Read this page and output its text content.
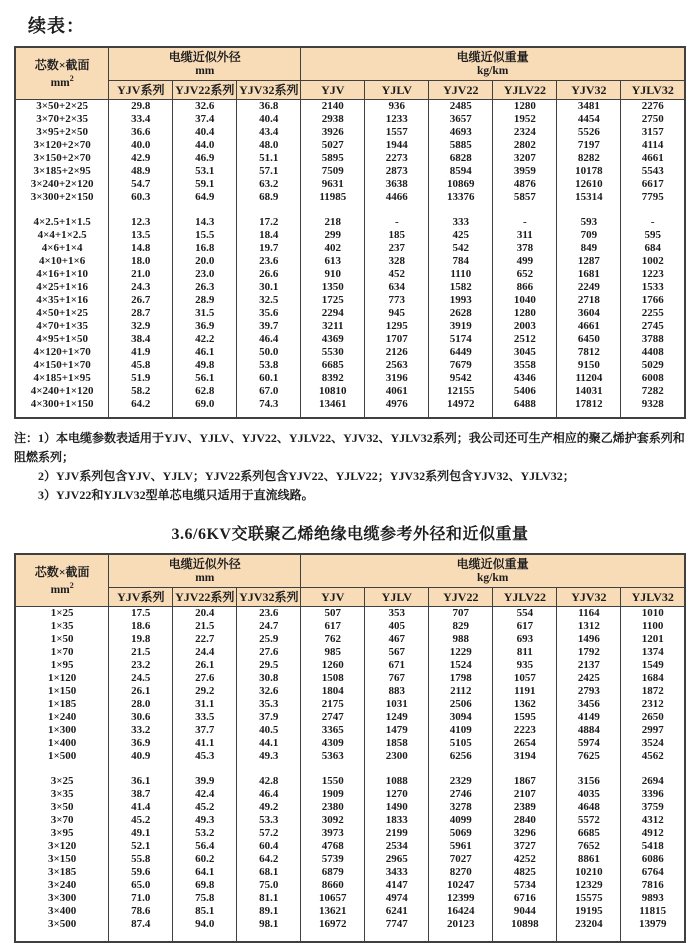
续表：
芯数×截面
$mm^2$

电缆近似外径
mm

电缆近似重量
kg/km

	YJV系列	YJV22系列	YJV32系列	YJV	YJLV	YJV22	YJLV22	YJV32	YJLV32
3×50+2×25	29.8	32.6	36.8	2140	936	2485	1280	3481	2276
3×70+2×35	33.4	37.4	40.4	2938	1233	3657	1952	4454	2750
3×95+2×50	36.6	40.4	43.4	3926	1557	4693	2324	5526	3157
3×120+2×70	40.0	44.0	48.0	5027	1944	5885	2802	7197	4114
3×150+2×70	42.9	46.9	51.1	5895	2273	6828	3207	8282	4661
3×185+2×95	48.9	53.1	57.1	7509	2873	8594	3959	10178	5543
3×240+2×120	54.7	59.1	63.2	9631	3638	10869	4876	12610	6617
3×300+2×150	60.3	64.9	68.9	11985	4466	13376	5857	15314	7795

4×2.5+1×1.5	12.3	14.3	17.2	218	-	333	-	593	-
4×4+1×2.5	13.5	15.5	18.4	299	185	425	311	709	595
4×6+1×4	14.8	16.8	19.7	402	237	542	378	849	684
4×10+1×6	18.0	20.0	23.6	613	328	784	499	1287	1002
4×16+1×10	21.0	23.0	26.6	910	452	1110	652	1681	1223
4×25+1×16	24.3	26.3	30.1	1350	634	1582	866	2249	1533
4×35+1×16	26.7	28.9	32.5	1725	773	1993	1040	2718	1766
4×50+1×25	28.7	31.5	35.6	2294	945	2628	1280	3604	2255
4×70+1×35	32.9	36.9	39.7	3211	1295	3919	2003	4661	2745
4×95+1×50	38.4	42.2	46.4	4369	1707	5174	2512	6450	3788
4×120+1×70	41.9	46.1	50.0	5530	2126	6449	3045	7812	4408
4×150+1×70	45.8	49.8	53.8	6685	2563	7679	3558	9150	5029
4×185+1×95	51.9	56.1	60.1	8392	3196	9542	4346	11204	6008
4×240+1×120	58.2	62.8	67.0	10810	4061	12155	5406	14031	7282
4×300+1×150	64.2	69.0	74.3	13461	4976	14972	6488	17812	9328

注：1）本电缆参数表适用于YJV、YJLV、YJV22、YJLV22、YJV32、YJLV32系列；我公司还可生产相应的聚乙烯护套系列和阻燃系列；
2）YJV系列包含YJV、YJLV；YJV22系列包含YJV22、YJLV22；YJV32系列包含YJV32、YJLV32；
3）YJV22和YJLV32型单芯电缆只适用于直流线路。
3.6/6KV交联聚乙烯绝缘电缆参考外径和近似重量
芯数×截面
$mm^2$

电缆近似外径
mm

电缆近似重量
kg/km

	YJV系列	YJV22系列	YJV32系列	YJV	YJLV	YJV22	YJLV22	YJV32	YJLV32
1×25	17.5	20.4	23.6	507	353	707	554	1164	1010
1×35	18.6	21.5	24.7	617	405	829	617	1312	1100
1×50	19.8	22.7	25.9	762	467	988	693	1496	1201
1×70	21.5	24.4	27.6	985	567	1229	811	1792	1374
1×95	23.2	26.1	29.5	1260	671	1524	935	2137	1549
1×120	24.5	27.6	30.8	1508	767	1798	1057	2425	1684
1×150	26.1	29.2	32.6	1804	883	2112	1191	2793	1872
1×185	28.0	31.1	35.3	2175	1031	2506	1362	3456	2312
1×240	30.6	33.5	37.9	2747	1249	3094	1595	4149	2650
1×300	33.2	37.7	40.5	3365	1479	4109	2223	4884	2997
1×400	36.9	41.1	44.1	4309	1858	5105	2654	5974	3524
1×500	40.9	45.3	49.3	5363	2300	6256	3194	7625	4562

3×25	36.1	39.9	42.8	1550	1088	2329	1867	3156	2694
3×35	38.7	42.4	46.4	1909	1270	2746	2107	4035	3396
3×50	41.4	45.2	49.2	2380	1490	3278	2389	4648	3759
3×70	45.2	49.3	53.3	3092	1833	4099	2840	5572	4312
3×95	49.1	53.2	57.2	3973	2199	5069	3296	6685	4912
3×120	52.1	56.4	60.4	4768	2534	5961	3727	7652	5418
3×150	55.8	60.2	64.2	5739	2965	7027	4252	8861	6086
3×185	59.6	64.1	68.1	6879	3433	8270	4825	10210	6764
3×240	65.0	69.8	75.0	8660	4147	10247	5734	12329	7816
3×300	71.0	75.8	81.1	10657	4974	12399	6716	15575	9893
3×400	78.6	85.1	89.1	13621	6241	16424	9044	19195	11815
3×500	87.4	94.0	98.1	16972	7747	20123	10898	23204	13979
